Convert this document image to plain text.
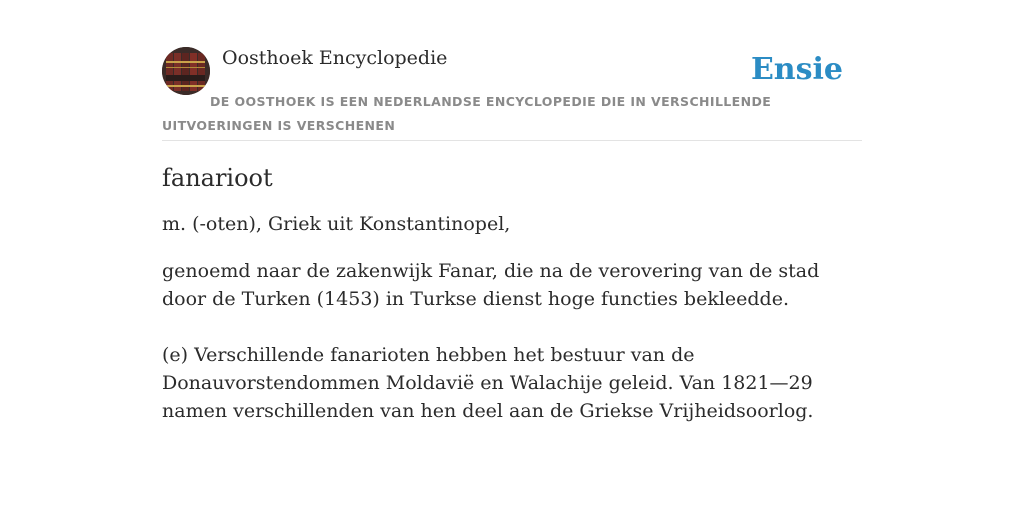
Oosthoek Encyclopedie	Ensie
DE OOSTHOEK IS EEN NEDERLANDSE ENCYCLOPEDIE DIE IN VERSCHILLENDE UITVOERINGEN IS VERSCHENEN
fanarioot

m. (-oten), Griek uit Konstantinopel,

genoemd naar de zakenwijk Fanar, die na de verovering van de stad door de Turken (1453) in Turkse dienst hoge functies bekleedde.

(e) Verschillende fanarioten hebben het bestuur van de Donauvorstendommen Moldavië en Walachije geleid. Van 1821—29 namen verschillenden van hen deel aan de Griekse Vrijheidsoorlog.
